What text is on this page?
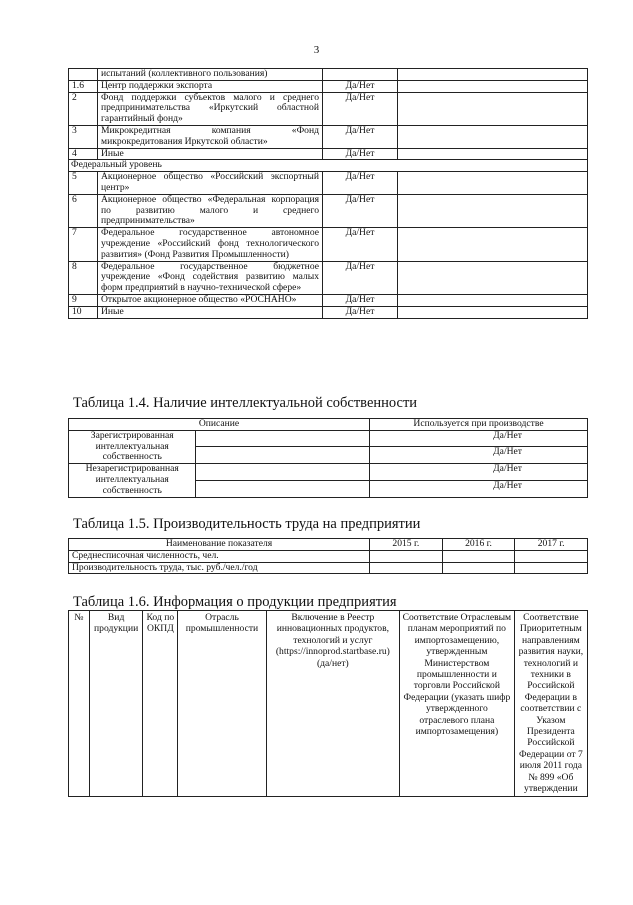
3
	испытаний (коллективного пользования)		
1.6	Центр поддержки экспорта	Да/Нет	
2	Фонд поддержки субъектов малого и среднего предпринимательства «Иркутский областной гарантийный фонд»	Да/Нет	
3	Микрокредитная компания «Фонд микрокредитования Иркутской области»	Да/Нет	
4	Иные	Да/Нет	
Федеральный уровень			
5	Акционерное общество «Российский экспортный центр»	Да/Нет	
6	Акционерное общество «Федеральная корпорация по развитию малого и среднего предпринимательства»	Да/Нет	
7	Федеральное государственное автономное учреждение «Российский фонд технологического развития» (Фонд Развития Промышленности)	Да/Нет	
8	Федеральное государственное бюджетное учреждение «Фонд содействия развитию малых форм предприятий в научно-технической сфере»	Да/Нет	
9	Открытое акционерное общество «РОСНАНО»	Да/Нет	
10	Иные	Да/Нет	
Таблица 1.4. Наличие интеллектуальной собственности
Описание		Используется при производстве
Зарегистрированная интеллектуальная собственность		Да/Нет
		Да/Нет
Незарегистрированная интеллектуальная собственность		Да/Нет
		Да/Нет
Таблица 1.5. Производительность труда на предприятии
Наименование показателя	2015 г.	2016 г.	2017 г.
Среднесписочная численность, чел.			
Производительность труда, тыс. руб./чел./год			
Таблица 1.6. Информация о продукции предприятия
№	Вид продукции	Код по ОКПД	Отрасль промышленности	Включение в Реестр инновационных продуктов, технологий и услуг (https://innoprod.startbase.ru) (да/нет)	Соответствие Отраслевым планам мероприятий по импортозамещению, утвержденным Министерством промышленности и торговли Российской Федерации (указать шифр утвержденного отраслевого плана импортозамещения)	Соответствие Приоритетным направлениям развития науки, технологий и техники в Российской Федерации в соответствии с Указом Президента Российской Федерации от 7 июля 2011 года № 899 «Об утверждении
